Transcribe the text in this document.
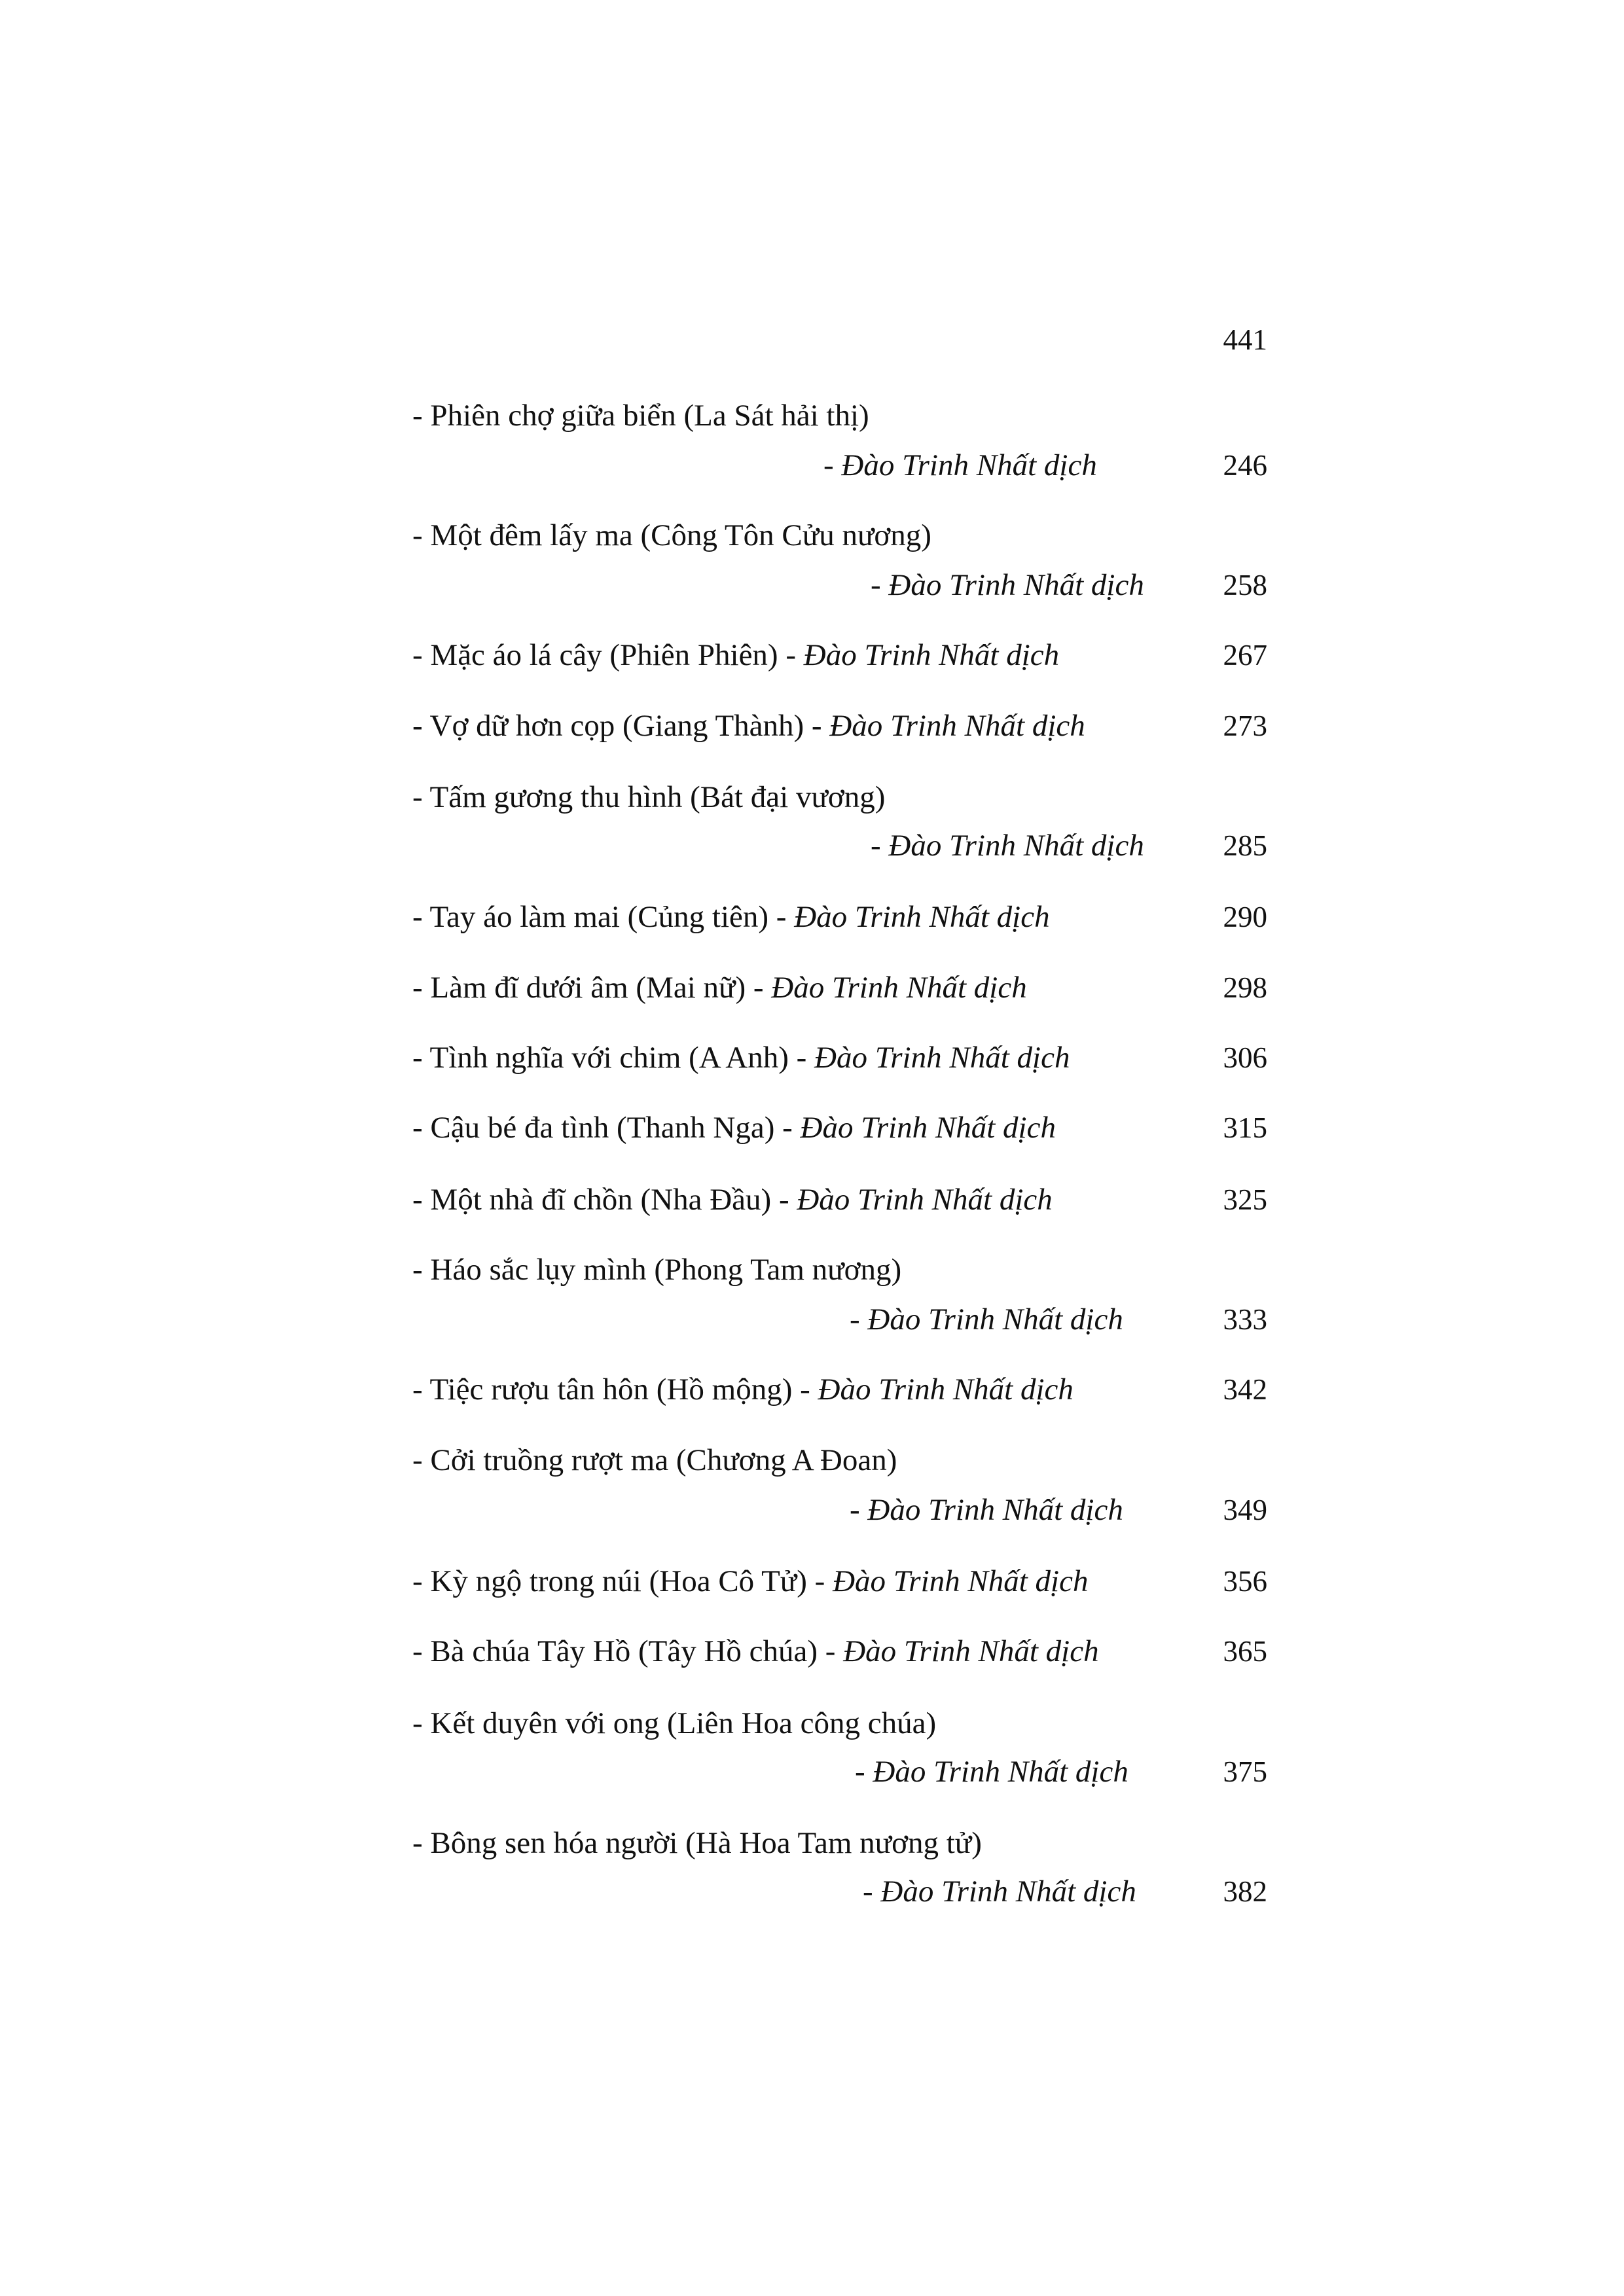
441
- Phiên chợ giữa biển (La Sát hải thị)
- Đào Trinh Nhất dịch	246
- Một đêm lấy ma (Công Tôn Cửu nương)
- Đào Trinh Nhất dịch	258
- Mặc áo lá cây (Phiên Phiên) - Đào Trinh Nhất dịch	267
- Vợ dữ hơn cọp (Giang Thành) - Đào Trinh Nhất dịch	273
- Tấm gương thu hình (Bát đại vương)
- Đào Trinh Nhất dịch	285
- Tay áo làm mai (Củng tiên) - Đào Trinh Nhất dịch	290
- Làm đĩ dưới âm (Mai nữ) - Đào Trinh Nhất dịch	298
- Tình nghĩa với chim (A Anh) - Đào Trinh Nhất dịch	306
- Cậu bé đa tình (Thanh Nga) - Đào Trinh Nhất dịch	315
- Một nhà đĩ chồn (Nha Đầu) - Đào Trinh Nhất dịch	325
- Háo sắc lụy mình (Phong Tam nương)
- Đào Trinh Nhất dịch	333
- Tiệc rượu tân hôn (Hồ mộng) - Đào Trinh Nhất dịch	342
- Cởi truồng rượt ma (Chương A Đoan)
- Đào Trinh Nhất dịch	349
- Kỳ ngộ trong núi (Hoa Cô Tử) - Đào Trinh Nhất dịch	356
- Bà chúa Tây Hồ (Tây Hồ chúa) - Đào Trinh Nhất dịch	365
- Kết duyên với ong (Liên Hoa công chúa)
- Đào Trinh Nhất dịch	375
- Bông sen hóa người (Hà Hoa Tam nương tử)
- Đào Trinh Nhất dịch	382
